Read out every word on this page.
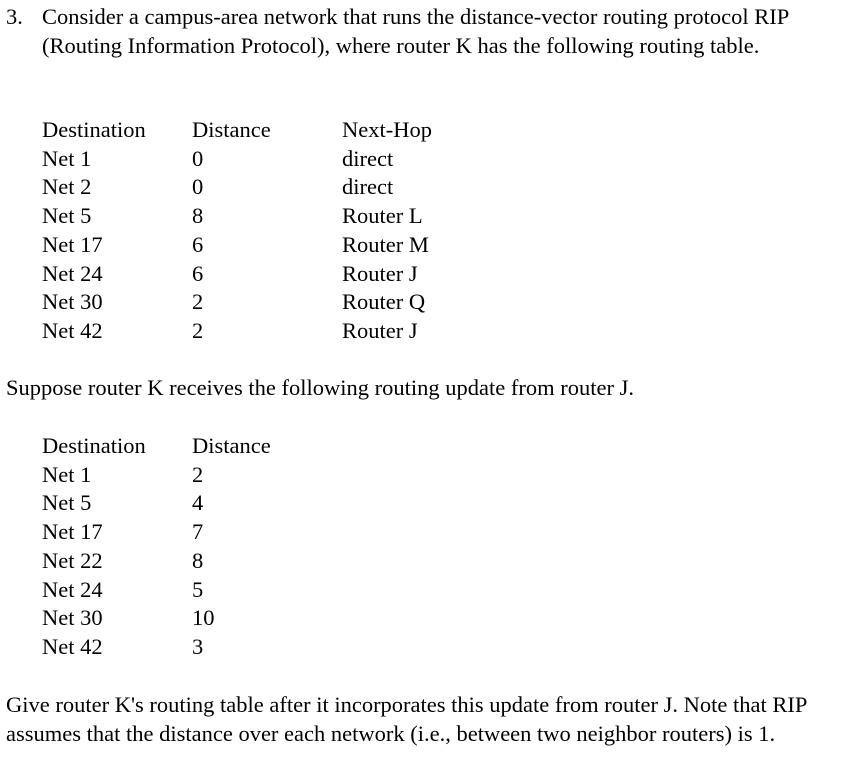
3. Consider a campus-area network that runs the distance-vector routing protocol RIP (Routing Information Protocol), where router K has the following routing table.
Destination	Distance	Next-Hop
Net 1	0	direct
Net 2	0	direct
Net 5	8	Router L
Net 17	6	Router M
Net 24	6	Router J
Net 30	2	Router Q
Net 42	2	Router J
Suppose router K receives the following routing update from router J.
Destination	Distance
Net 1	2
Net 5	4
Net 17	7
Net 22	8
Net 24	5
Net 30	10
Net 42	3
Give router K's routing table after it incorporates this update from router J. Note that RIP assumes that the distance over each network (i.e., between two neighbor routers) is 1.
